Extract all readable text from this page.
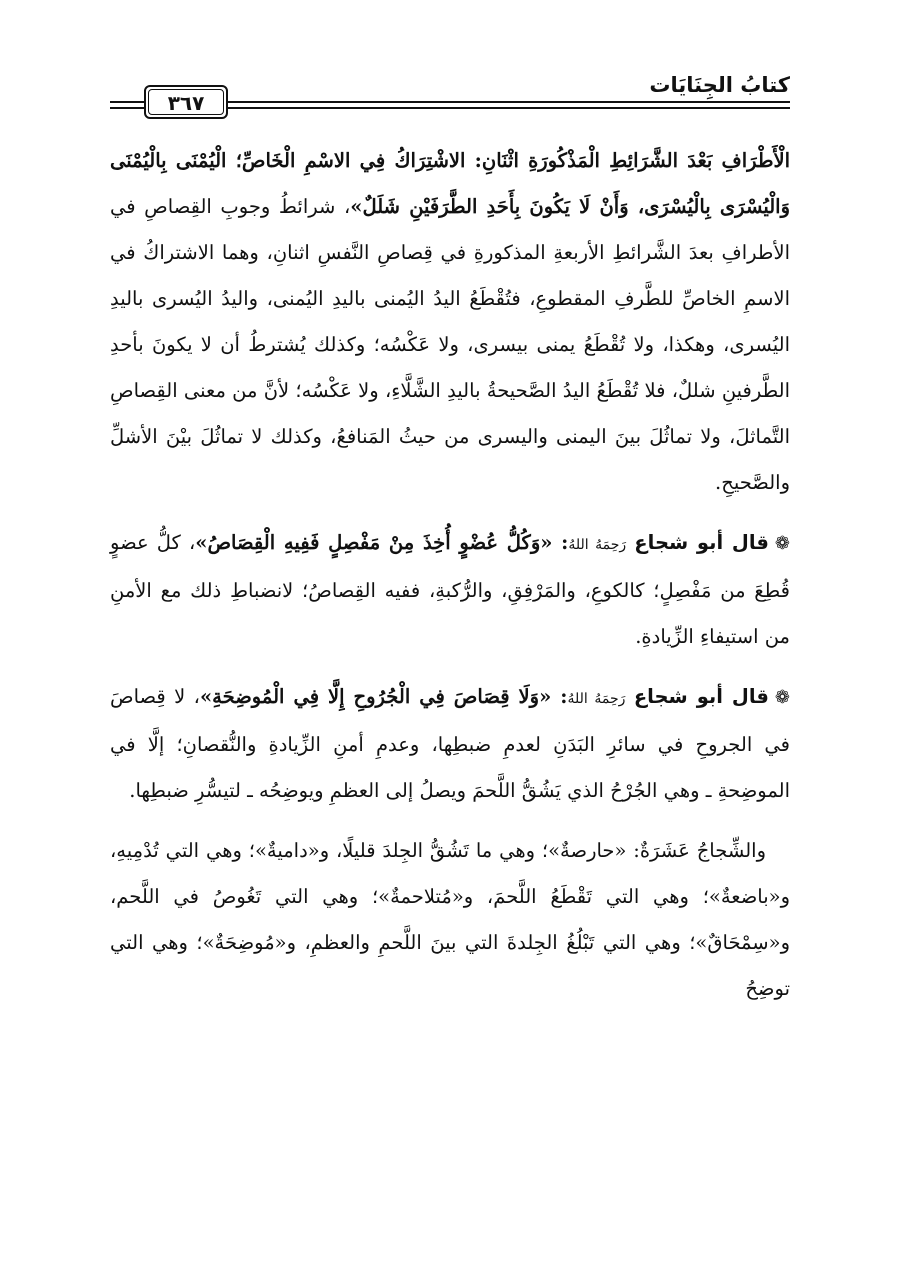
كتابُ الجِنَايَات
٣٦٧

الْأَطْرَافِ بَعْدَ الشَّرَائِطِ الْمَذْكُورَةِ اثْنَانِ: الاشْتِرَاكُ فِي الاسْمِ الْخَاصِّ؛ الْيُمْنَى بِالْيُمْنَى وَالْيُسْرَى بِالْيُسْرَى، وَأَنْ لَا يَكُونَ بِأَحَدِ الطَّرَفَيْنِ شَلَلٌ»، شرائطُ وجوبِ القِصاصِ في الأطرافِ بعدَ الشَّرائطِ الأربعةِ المذكورةِ في قِصاصِ النَّفسِ اثنانِ، وهما الاشتراكُ في الاسمِ الخاصِّ للطَّرفِ المقطوعِ، فتُقْطَعُ اليدُ اليُمنى باليدِ اليُمنى، واليدُ اليُسرى باليدِ اليُسرى، وهكذا، ولا تُقْطَعُ يمنى بيسرى، ولا عَكْسُه؛ وكذلك يُشترطُ أن لا يكونَ بأحدِ الطَّرفينِ شللٌ، فلا تُقْطَعُ اليدُ الصَّحيحةُ باليدِ الشَّلَّاءِ، ولا عَكْسُه؛ لأنَّ من معنى القِصاصِ التَّماثلَ، ولا تماثُلَ بينَ اليمنى واليسرى من حيثُ المَنافعُ، وكذلك لا تماثُلَ بيْنَ الأشلِّ والصَّحيحِ.

❁قال أبو شجاع رَحِمَهُ اللهُ: «وَكُلُّ عُضْوٍ أُخِذَ مِنْ مَفْصِلٍ فَفِيهِ الْقِصَاصُ»، كلُّ عضوٍ قُطِعَ من مَفْصِلٍ؛ كالكوعِ، والمَرْفِقِ، والرُّكبةِ، ففيه القِصاصُ؛ لانضباطِ ذلك مع الأمنِ من استيفاءِ الزِّيادةِ.

❁قال أبو شجاع رَحِمَهُ اللهُ: «وَلَا قِصَاصَ فِي الْجُرُوحِ إِلَّا فِي الْمُوضِحَةِ»، لا قِصاصَ في الجروحِ في سائرِ البَدَنِ لعدمِ ضبطِها، وعدمِ أمنِ الزِّيادةِ والنُّقصانِ؛ إلَّا في الموضِحةِ ـ وهي الجُرْحُ الذي يَشُقُّ اللَّحمَ ويصلُ إلى العظمِ ويوضِحُه ـ لتيسُّرِ ضبطِها.

والشِّجاجُ عَشَرَةٌ: «حارصةٌ»؛ وهي ما تَشُقُّ الجِلدَ قليلًا، و«داميةٌ»؛ وهي التي تُدْمِيهِ، و«باضعةٌ»؛ وهي التي تَقْطَعُ اللَّحمَ، و«مُتلاحمةٌ»؛ وهي التي تَغُوصُ في اللَّحم، و«سِمْحَاقٌ»؛ وهي التي تَبْلُغُ الجِلدةَ التي بينَ اللَّحمِ والعظمِ، و«مُوضِحَةٌ»؛ وهي التي توضِحُ
